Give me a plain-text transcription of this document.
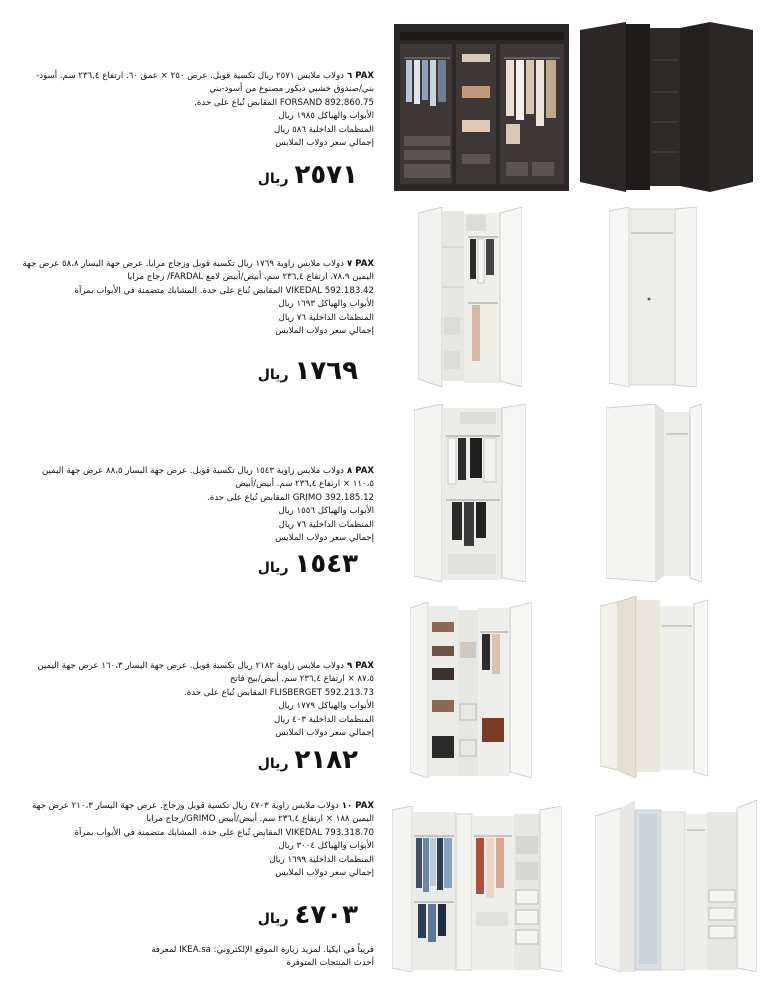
٦ PAXدولاب ملابس ٢٥٧١ ريال تكسية قوبل. عرض ٢٥٠ × عمق ٦٠. ارتفاع ٢٣٦,٤ سم. أسود-بني/صندوق خشبي ديكور مصنوع من أسود-بني

FORSAND 892.860.75 المقابض تُباع على حدة.

الأبواب والهياكل ١٩٨٥ ريال

المنظمات الداخلية ٥٨٦ ريال

إجمالي سعر دولاب الملابس

٢٥٧١ريال

٧ PAXدولاب ملابس زاوية ١٧٦٩ ريال تكسية قوبل وزجاج مرايا. عرض جهة اليسار ٥٨،٨ عرض جهة اليمين ٧٨،٩. ارتفاع ٢٣٦,٤ سم. أبيض/أبيض لامع FARDAL/ زجاج مرايا

VIKEDAL 592.183.42 المقابض تُباع على حدة. المشابك متضمنة في الأبواب بمرآة

الأبواب والهياكل ١٦٩٣ ريال

المنظمات الداخلية ٧٦ ريال

إجمالي سعر دولاب الملابس

١٧٦٩ريال

٨ PAXدولاب ملابس زاوية ١٥٤٣ ريال تكسية قوبل. عرض جهة اليسار ٨٨،٥ عرض جهة اليمين ١١٠،٥ × ارتفاع ٢٣٦,٤ سم. أبيض/أبيض

GRIMO 392.185.12 المقابض تُباع على حدة.

الأبواب والهياكل ١٥٥٦ ريال

المنظمات الداخلية ٧٦ ريال

إجمالي سعر دولاب الملابس

١٥٤٣ريال

٩ PAXدولاب ملابس زاوية ٢١٨٢ ريال تكسية قوبل. عرض جهة اليسار ١٦٠،٣ عرض جهة اليمين ٨٧،٥ × ارتفاع ٢٣٦,٤ سم. أبيض/بيج فاتح

FLISBERGET 592.213.73 المقابض تُباع على حدة.

الأبواب والهياكل ١٧٧٩ ريال

المنظمات الداخلية ٤٠٣ ريال

إجمالي سعر دولاب الملابس

٢١٨٢ريال

١٠ PAXدولاب ملابس زاوية ٤٧٠٣ ريال تكسية قوبل وزجاج. عرض جهة اليسار ٢١٠،٣ عرض جهة اليمين ١٨٨ × ارتفاع ٢٣٦,٤ سم. أبيض/أبيض GRIMO/زجاج مرايا

VIKEDAL 793.318.70 المقابض تُباع على حدة. المشابك متضمنة في الأبواب بمرآة

الأبواب والهياكل ٣٠٠٤ ريال

المنظمات الداخلية ١٦٩٩ ريال

إجمالي سعر دولاب الملابس

٤٧٠٣ريال

قريباً في ايكيا. لمزيد زيارة الموقع الإلكتروني: IKEA.sa لمعرفة

أحدث المنتجات المتوفرة
